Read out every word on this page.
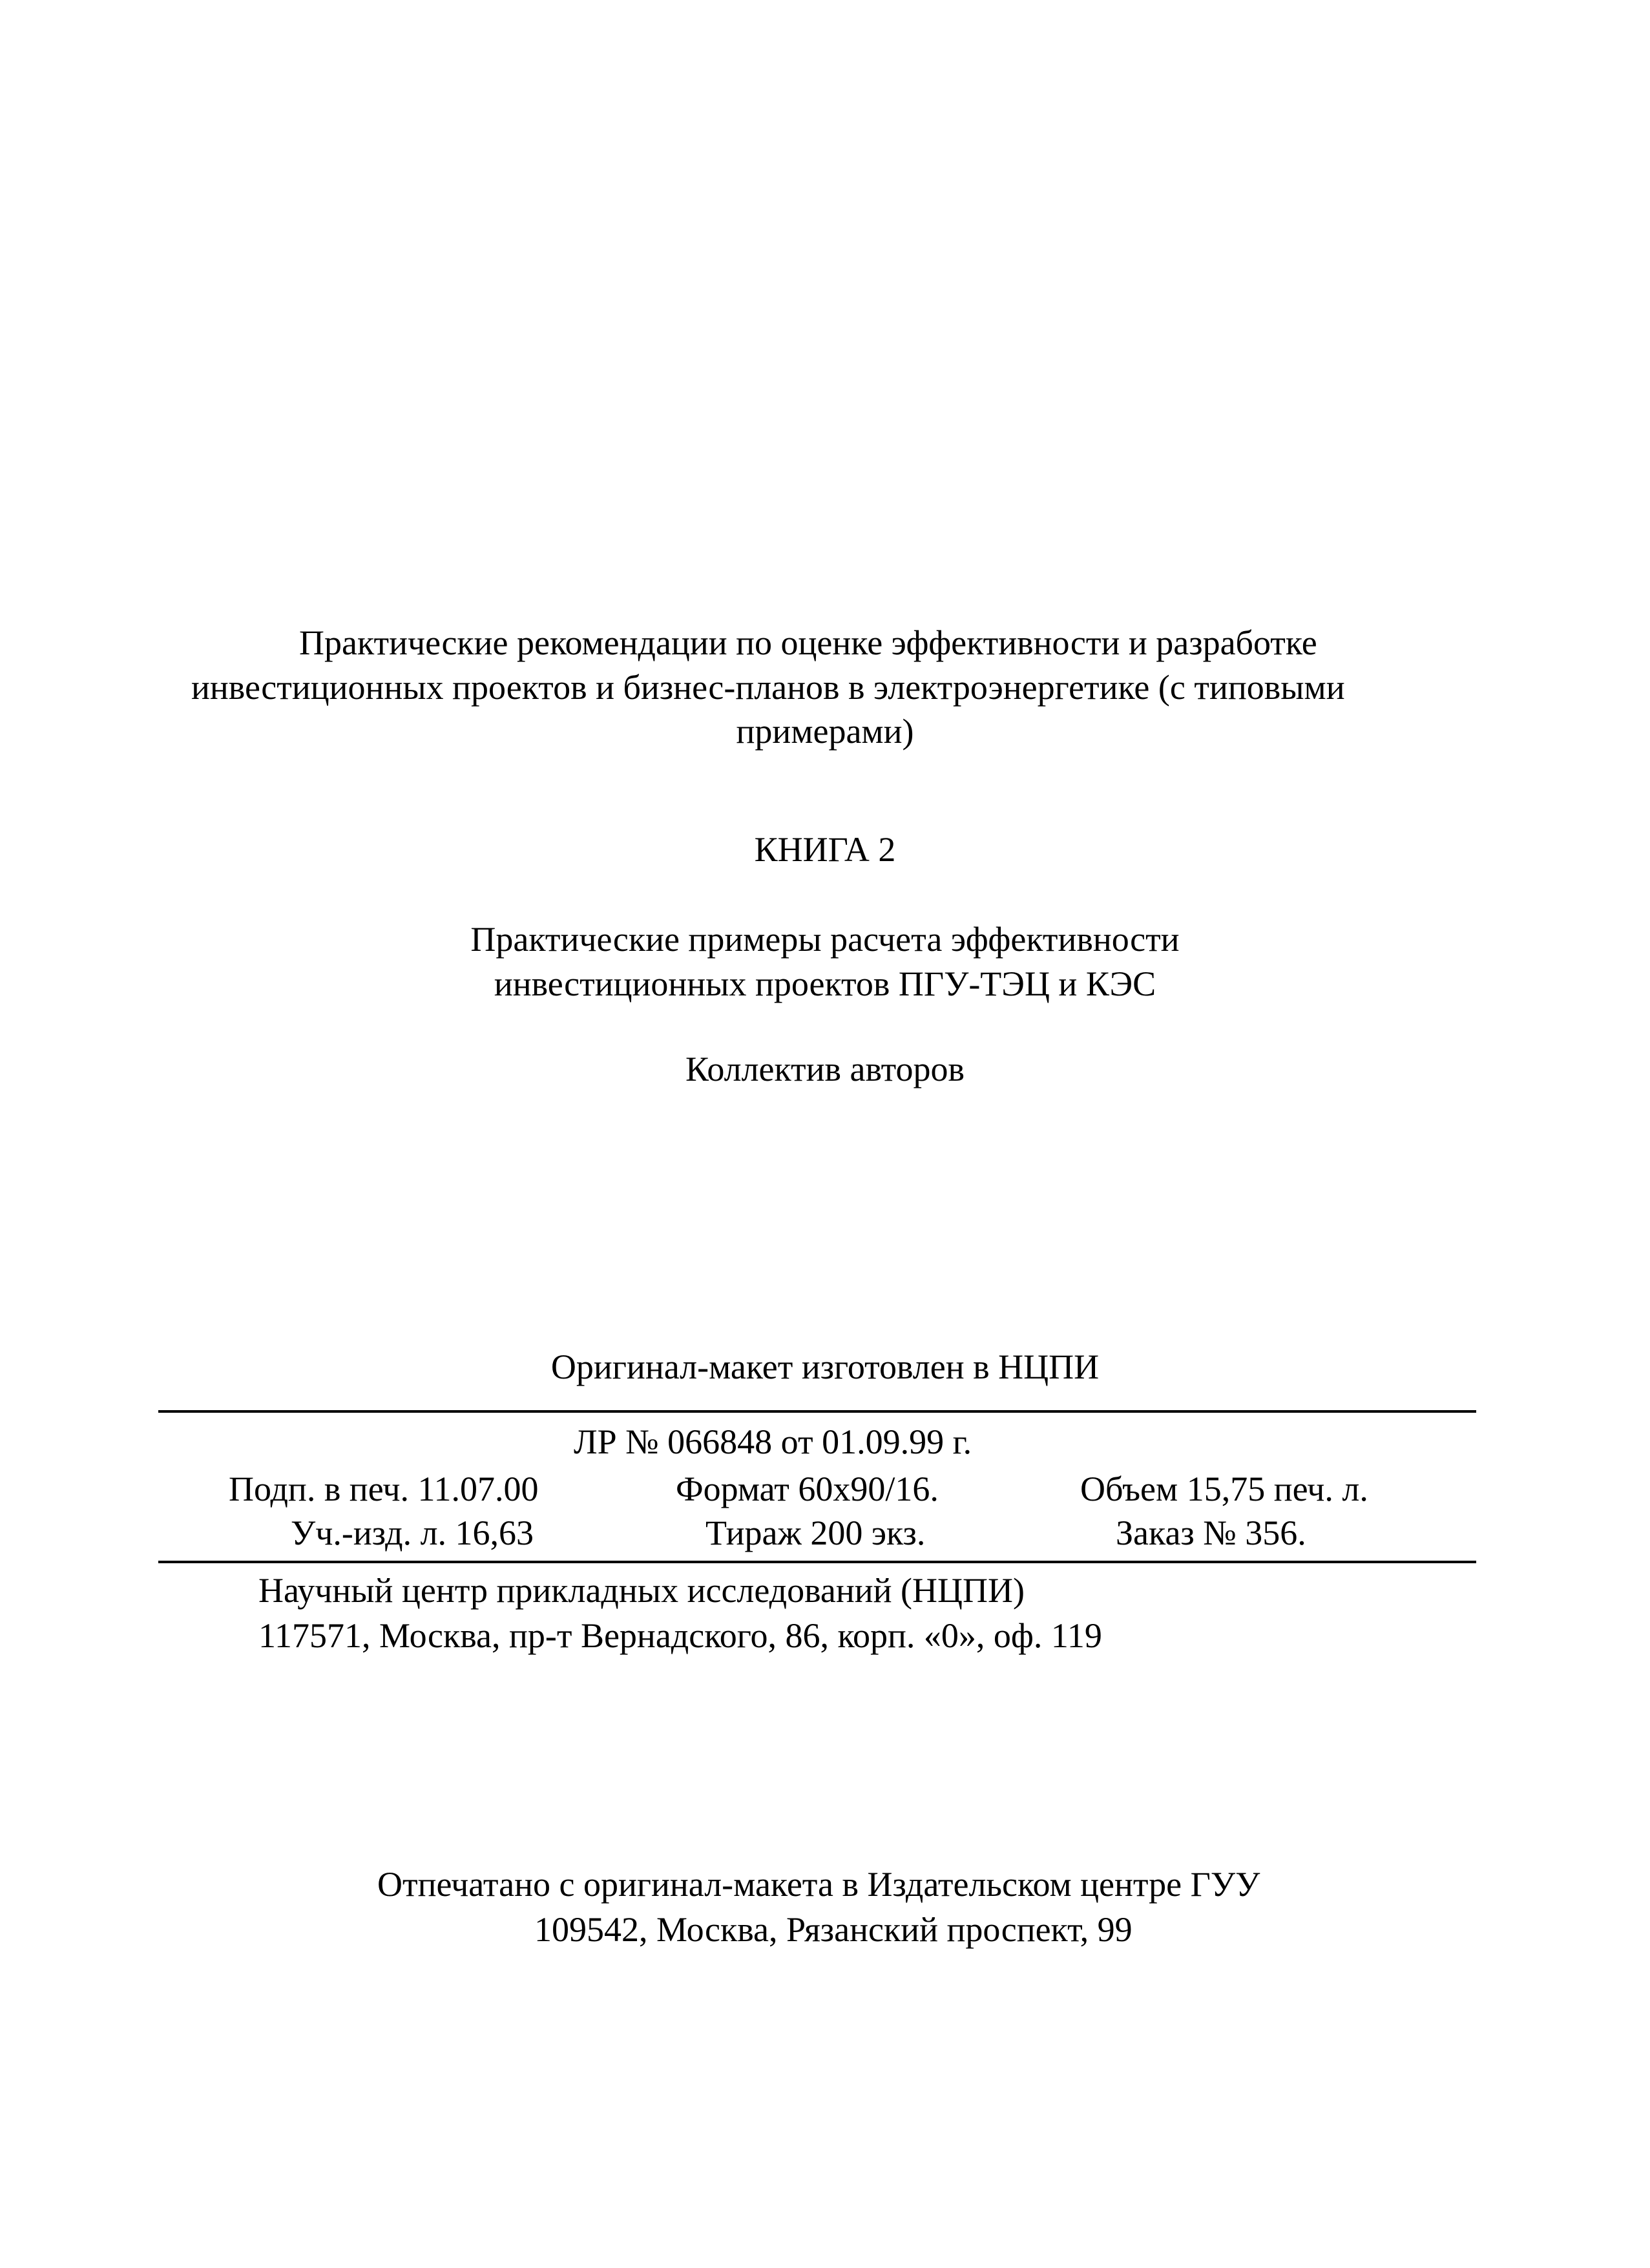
Практические рекомендации по оценке эффективности и разработке
инвестиционных проектов и бизнес-планов в электроэнергетике (с типовыми
примерами)
КНИГА 2
Практические примеры расчета эффективности
инвестиционных проектов ПГУ-ТЭЦ и КЭС
Коллектив авторов
Оригинал-макет изготовлен в НЦПИ
ЛР № 066848 от 01.09.99 г.
Подп. в печ. 11.07.00	Формат 60х90/16.	Объем 15,75 печ. л.
Уч.-изд. л. 16,63	Тираж 200 экз.	Заказ № 356.
Научный центр прикладных исследований (НЦПИ)
117571, Москва, пр-т Вернадского, 86, корп. «0», оф. 119
Отпечатано с оригинал-макета в Издательском центре ГУУ
109542, Москва, Рязанский проспект, 99
